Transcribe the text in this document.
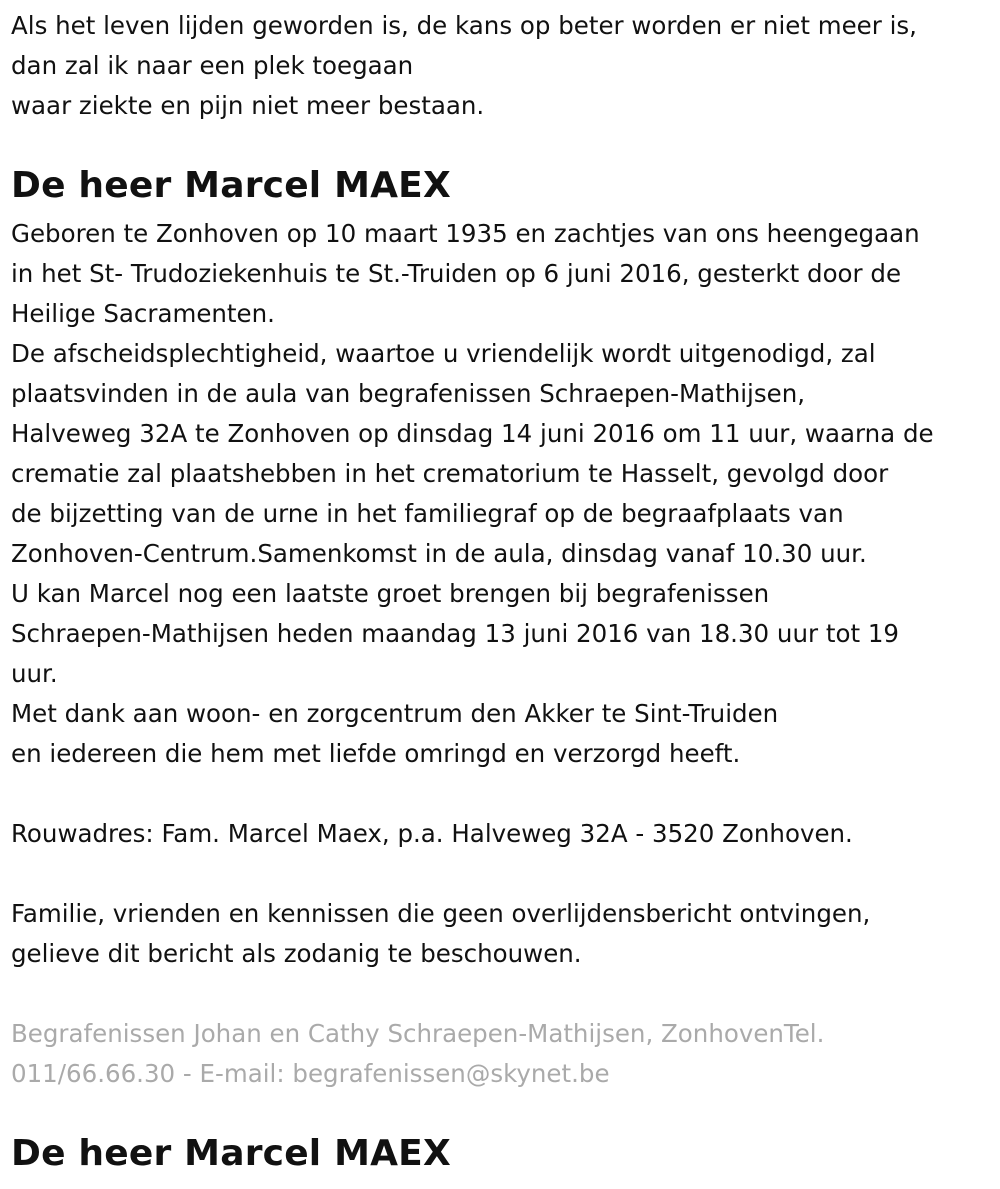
Als het leven lijden geworden is, de kans op beter worden er niet meer is,
dan zal ik naar een plek toegaan
waar ziekte en pijn niet meer bestaan.
De heer Marcel MAEX
Geboren te Zonhoven op 10 maart 1935 en zachtjes van ons heengegaan
in het St- Trudoziekenhuis te St.-Truiden op 6 juni 2016, gesterkt door de
Heilige Sacramenten.
De afscheidsplechtigheid, waartoe u vriendelijk wordt uitgenodigd, zal
plaatsvinden in de aula van begrafenissen Schraepen-Mathijsen,
Halveweg 32A te Zonhoven op dinsdag 14 juni 2016 om 11 uur, waarna de
crematie zal plaatshebben in het crematorium te Hasselt, gevolgd door
de bijzetting van de urne in het familiegraf op de begraafplaats van
Zonhoven-Centrum.Samenkomst in de aula, dinsdag vanaf 10.30 uur.
U kan Marcel nog een laatste groet brengen bij begrafenissen
Schraepen-Mathijsen heden maandag 13 juni 2016 van 18.30 uur tot 19
uur.
Met dank aan woon- en zorgcentrum den Akker te Sint-Truiden
en iedereen die hem met liefde omringd en verzorgd heeft.
Rouwadres: Fam. Marcel Maex, p.a. Halveweg 32A - 3520 Zonhoven.
Familie, vrienden en kennissen die geen overlijdensbericht ontvingen,
gelieve dit bericht als zodanig te beschouwen.
Begrafenissen Johan en Cathy Schraepen-Mathijsen, ZonhovenTel.
011/66.66.30 - E-mail: begrafenissen@skynet.be
De heer Marcel MAEX
